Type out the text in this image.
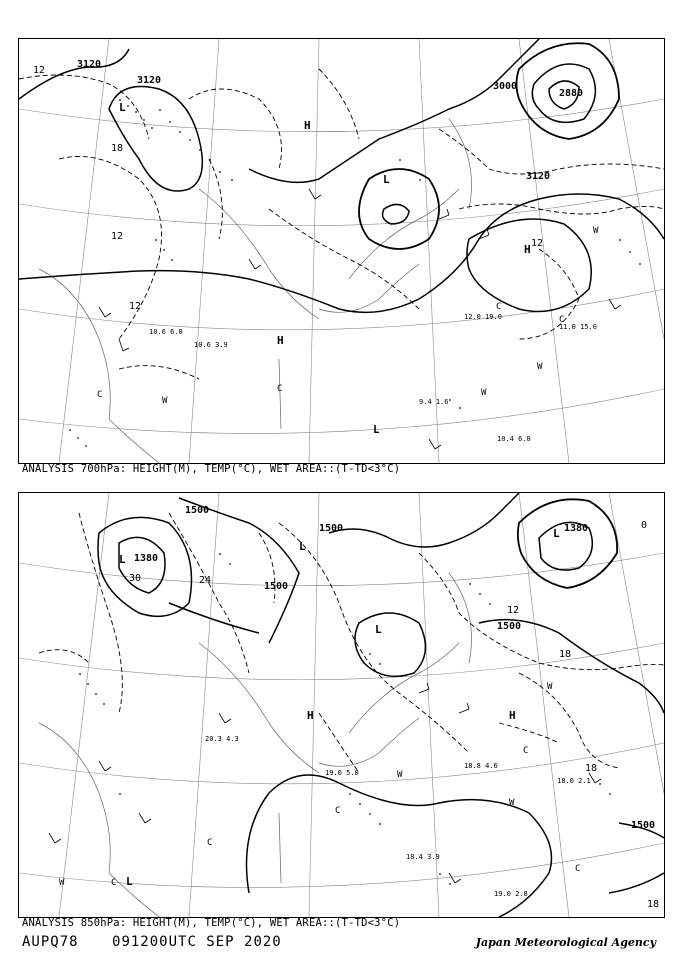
9.4 1.6
10.6 6.0
11.0 15.0
12.0 19.0
10.4 6.0
10.6 3.9
3120
3120
3120
3000
2880
12
18
12
12
12
L
H
L
H
H
L
C
C
C
C
W
W
W
W
ANALYSIS 700hPa: HEIGHT(M), TEMP(°C), WET AREA::(T-TD<3°C)
18.8 4.6
18.0 2.1
19.0 2.8
18.4 3.9
19.0 5.0
20.3 4.3
1500
1500
1500
1500
1500
1380
1380
30	24
18
18
18
12
0
L
L
H
H
L
L
L
C
C
C
C
C
W
W
W
W
ANALYSIS 850hPa: HEIGHT(M), TEMP(°C), WET AREA::(T-TD<3°C)
AUPQ78 091200UTC SEP 2020	Japan Meteorological Agency
